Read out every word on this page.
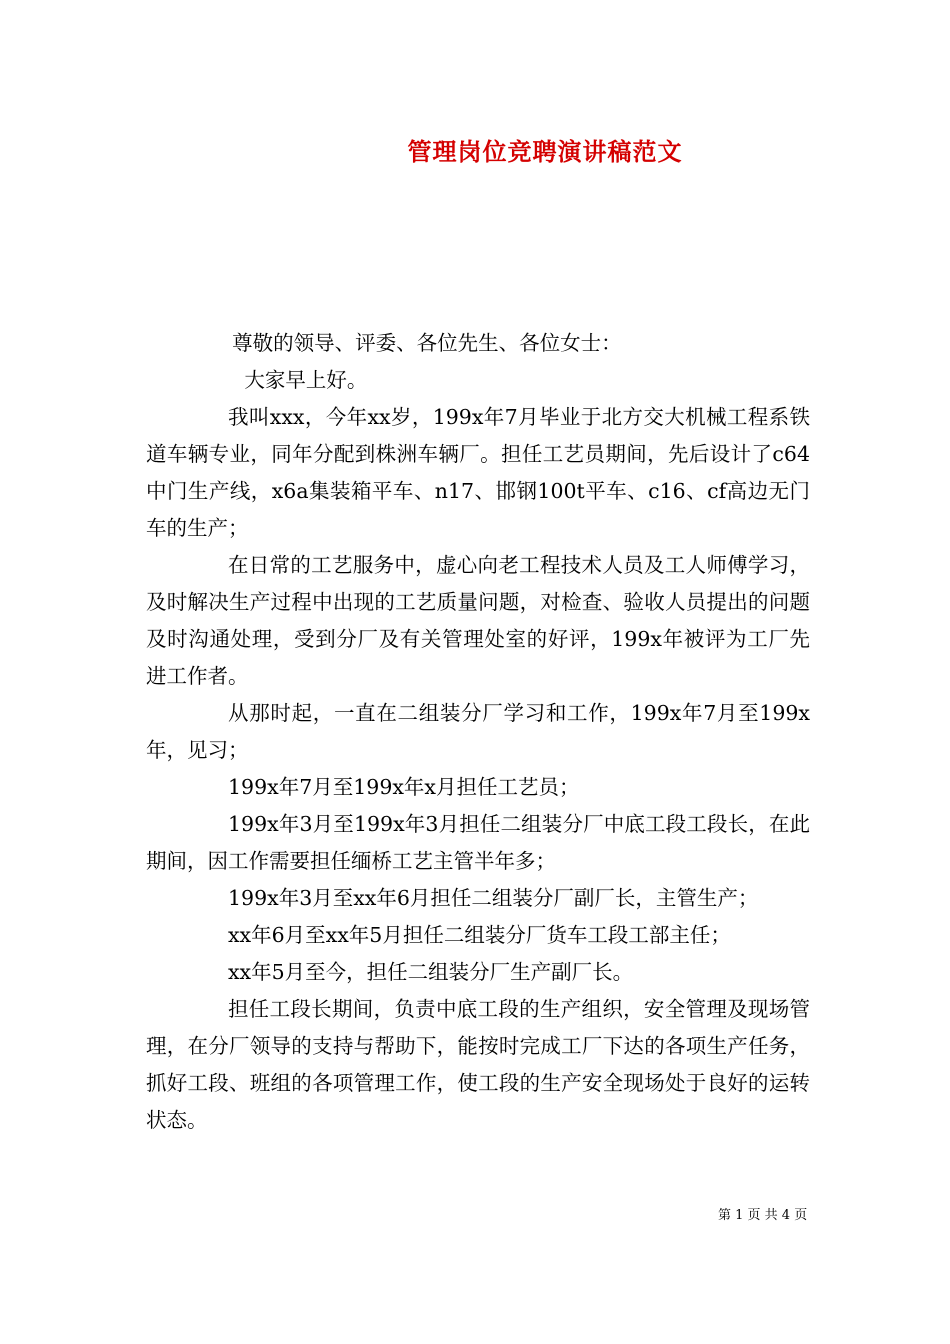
管理岗位竞聘演讲稿范文

尊敬的领导、评委、各位先生、各位女士：

大家早上好。

我叫xxx，今年xx岁，199x年7月毕业于北方交大机械工程系铁道车辆专业，同年分配到株洲车辆厂。担任工艺员期间，先后设计了c64中门生产线，x6a集装箱平车、n17、邯钢100t平车、c16、cf高边无门车的生产；

在日常的工艺服务中，虚心向老工程技术人员及工人师傅学习，及时解决生产过程中出现的工艺质量问题，对检查、验收人员提出的问题及时沟通处理，受到分厂及有关管理处室的好评，199x年被评为工厂先进工作者。

从那时起，一直在二组装分厂学习和工作，199x年7月至199x年，见习；

199x年7月至199x年x月担任工艺员；

199x年3月至199x年3月担任二组装分厂中底工段工段长，在此期间，因工作需要担任缅桥工艺主管半年多；

199x年3月至xx年6月担任二组装分厂副厂长，主管生产；

xx年6月至xx年5月担任二组装分厂货车工段工部主任；

xx年5月至今，担任二组装分厂生产副厂长。

担任工段长期间，负责中底工段的生产组织，安全管理及现场管理，在分厂领导的支持与帮助下，能按时完成工厂下达的各项生产任务，抓好工段、班组的各项管理工作，使工段的生产安全现场处于良好的运转状态。

第 1 页 共 4 页
